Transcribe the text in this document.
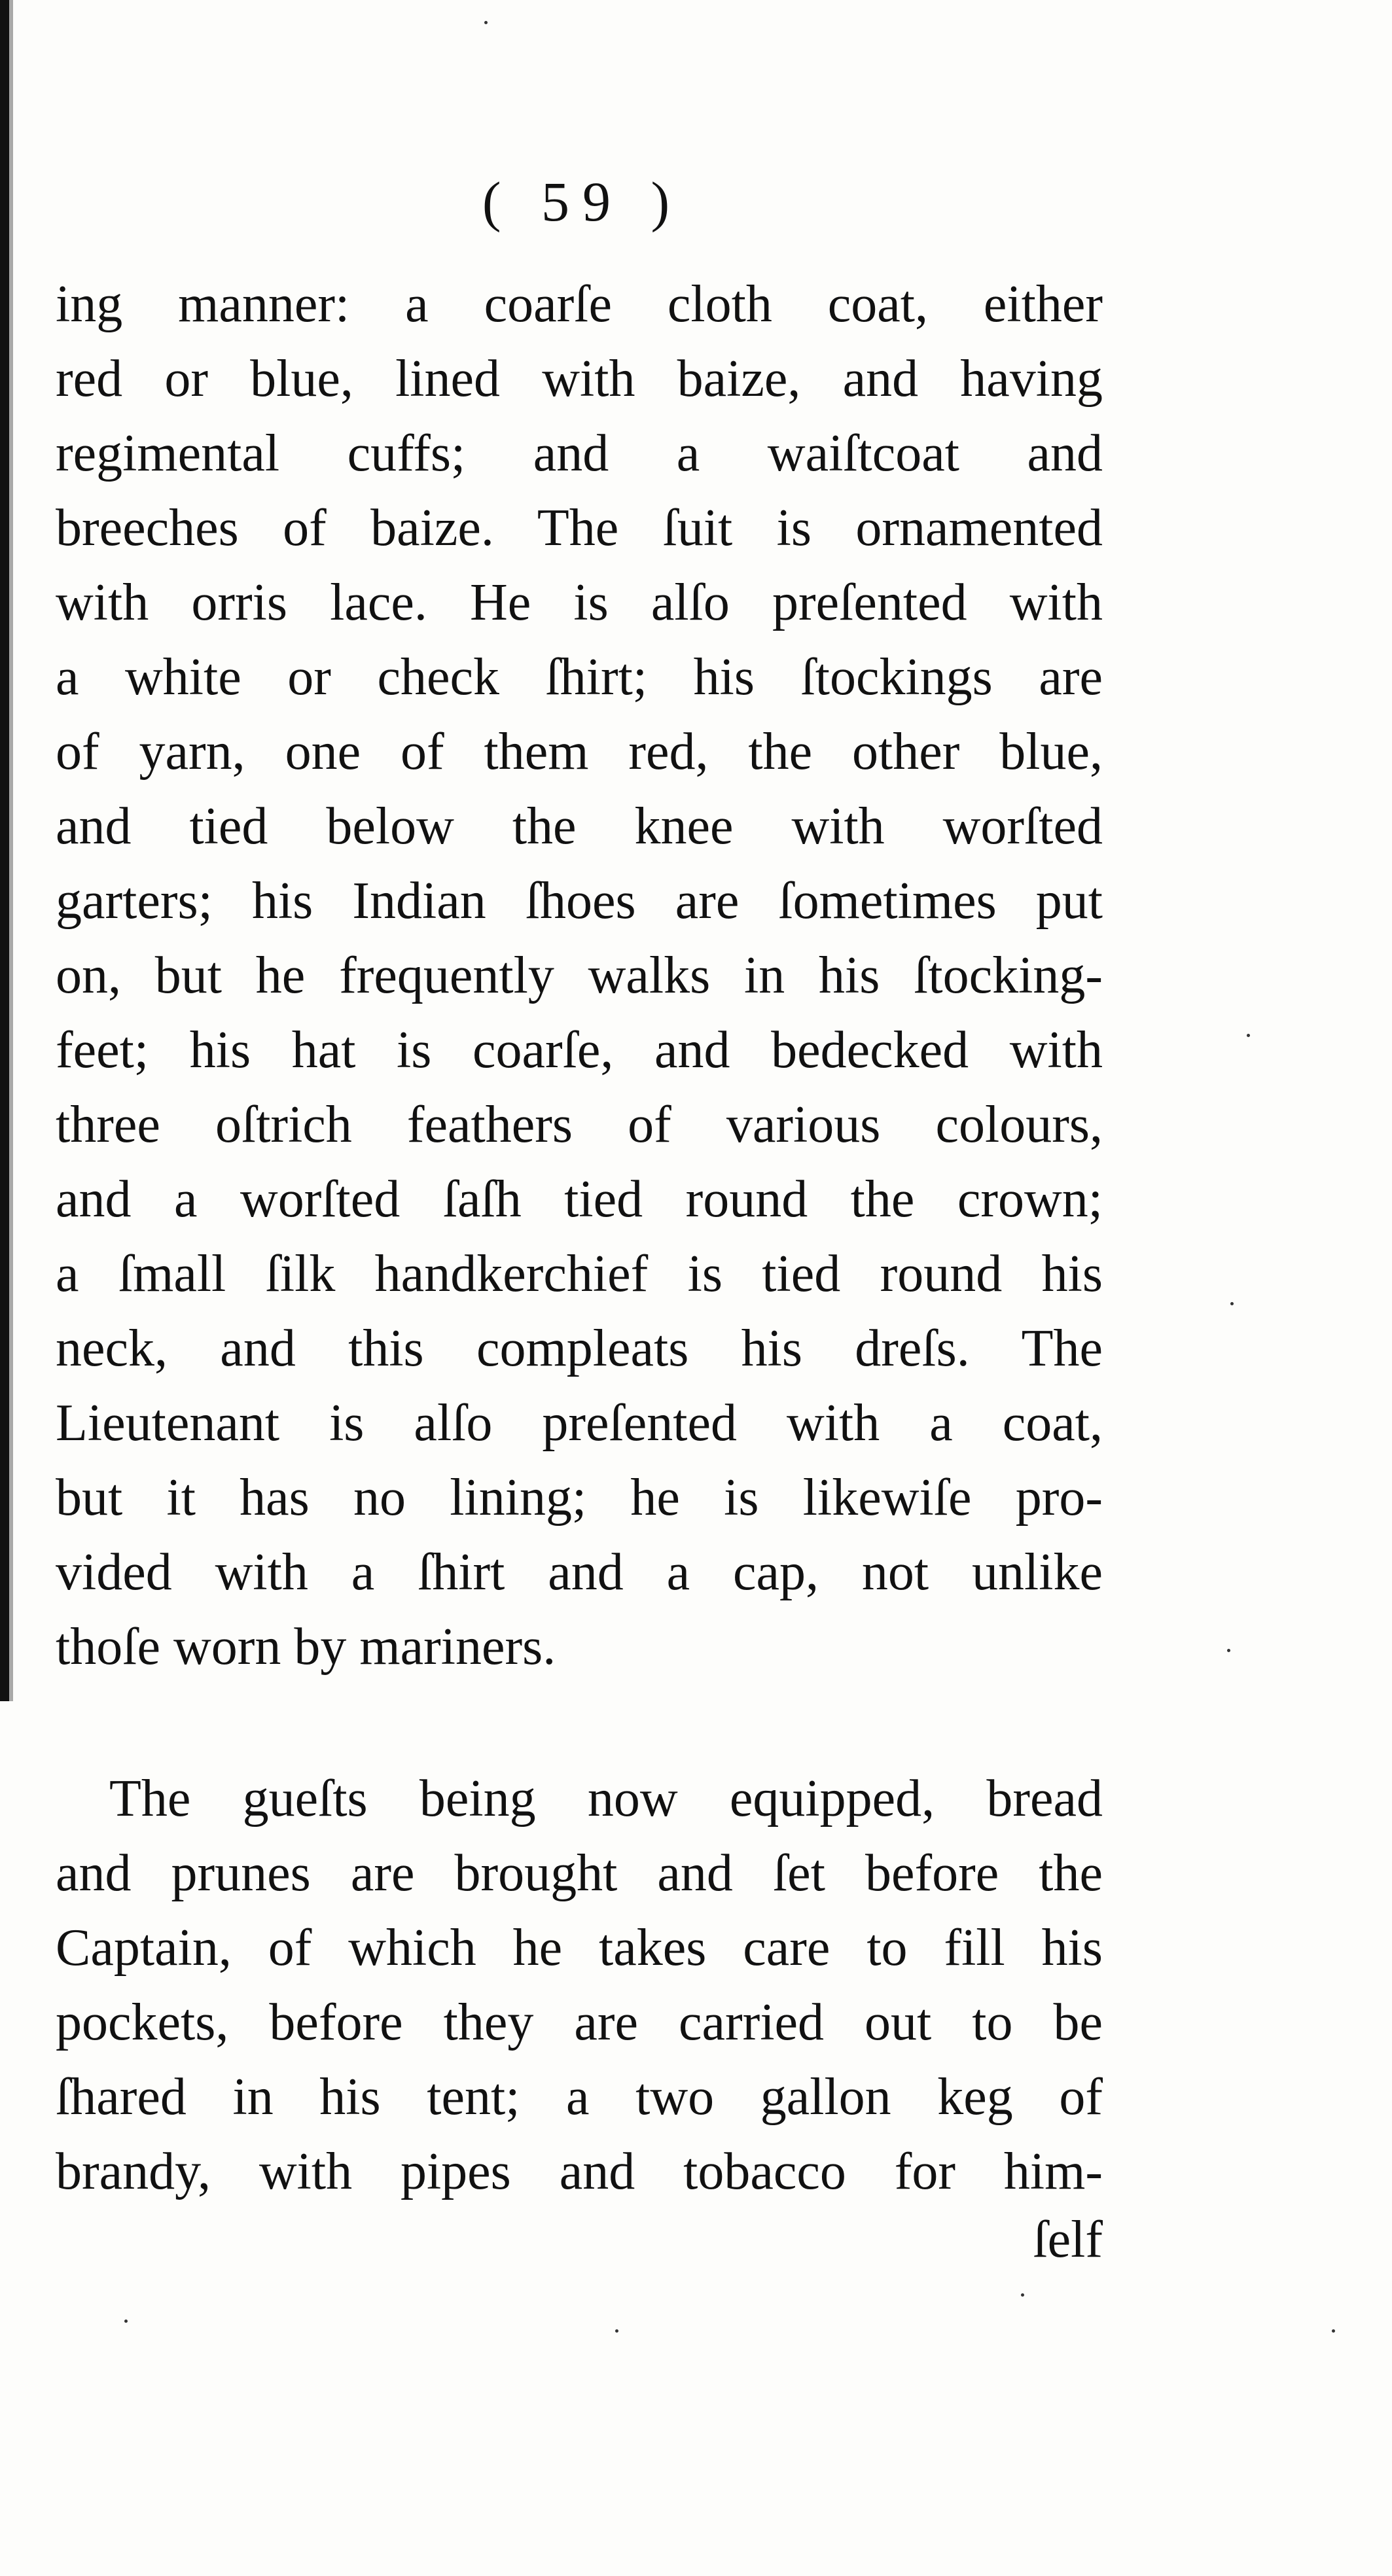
( 59 )
ing manner: a coarſe cloth coat, either
red or blue, lined with baize, and having
regimental cuffs; and a waiſtcoat and
breeches of baize. The ſuit is ornamented
with orris lace. He is alſo preſented with
a white or check ſhirt; his ſtockings are
of yarn, one of them red, the other blue,
and tied below the knee with worſted
garters; his Indian ſhoes are ſometimes put
on, but he frequently walks in his ſtocking-
feet; his hat is coarſe, and bedecked with
three oſtrich feathers of various colours,
and a worſted ſaſh tied round the crown;
a ſmall ſilk handkerchief is tied round his
neck, and this compleats his dreſs. The
Lieutenant is alſo preſented with a coat,
but it has no lining; he is likewiſe pro-
vided with a ſhirt and a cap, not unlike
thoſe worn by mariners.
The gueſts being now equipped, bread
and prunes are brought and ſet before the
Captain, of which he takes care to fill his
pockets, before they are carried out to be
ſhared in his tent; a two gallon keg of
brandy, with pipes and tobacco for him-
ſelf
